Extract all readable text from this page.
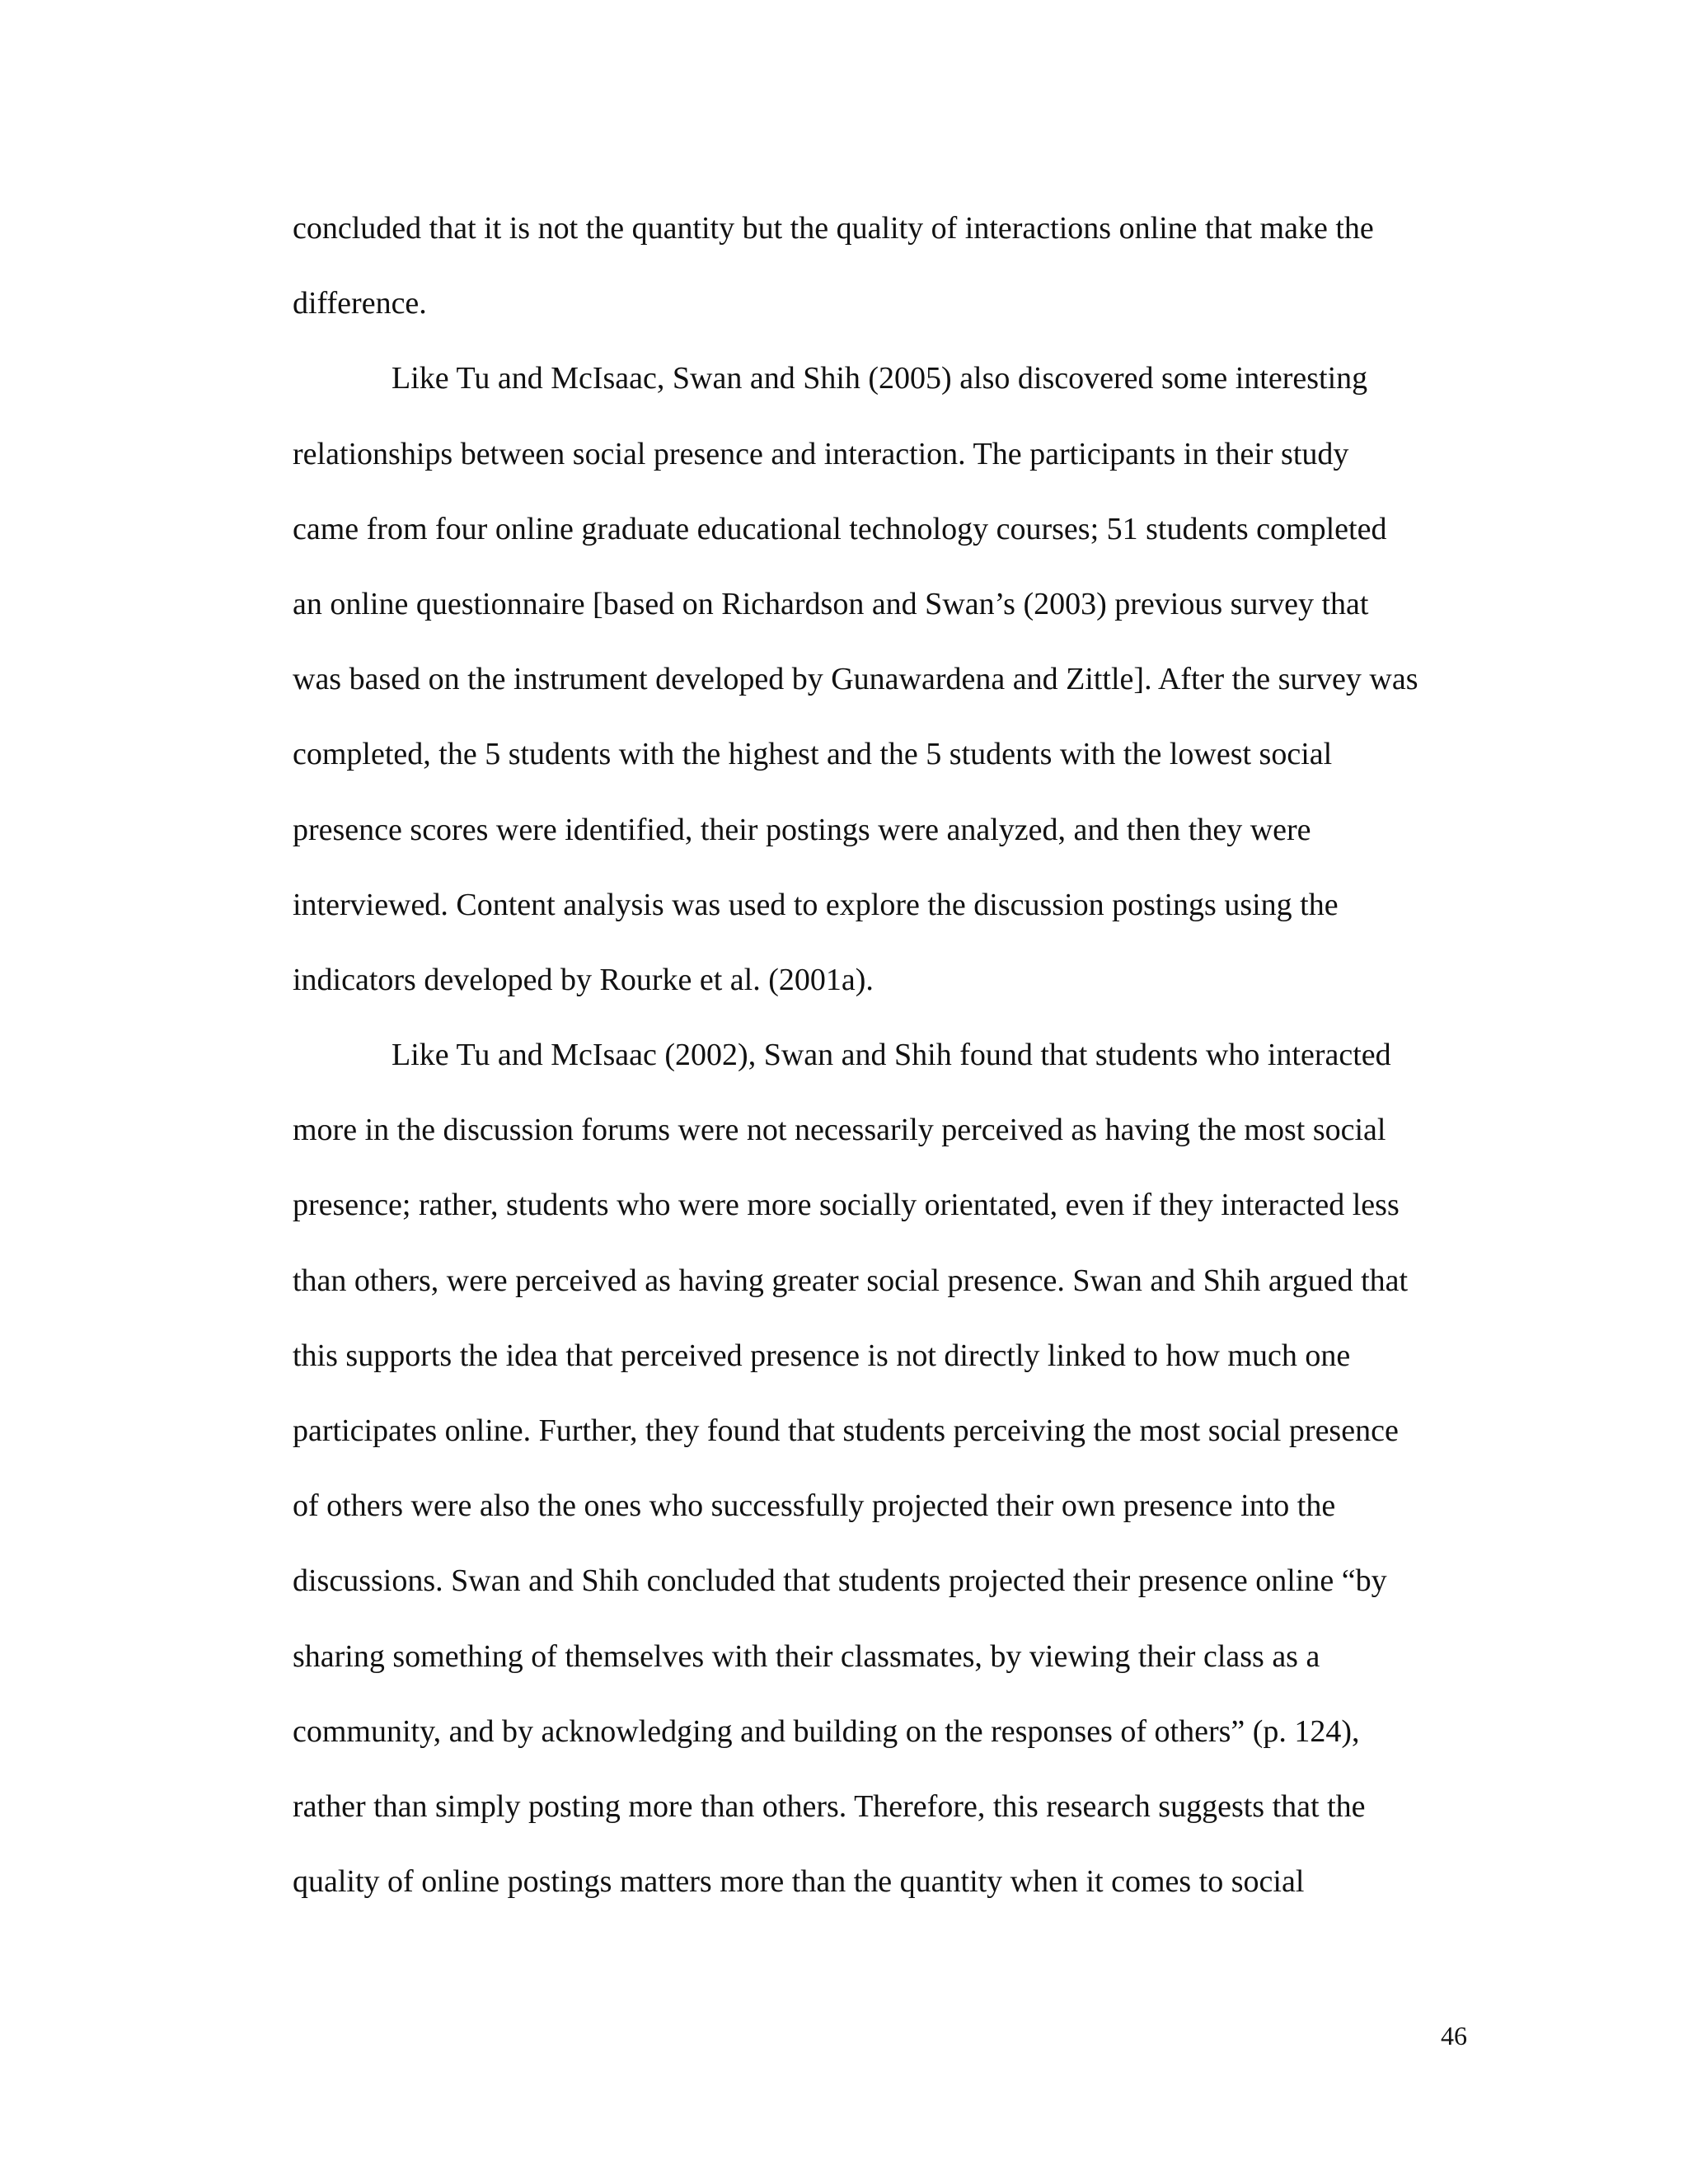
concluded that it is not the quantity but the quality of interactions online that make the
difference.
Like Tu and McIsaac, Swan and Shih (2005) also discovered some interesting
relationships between social presence and interaction. The participants in their study
came from four online graduate educational technology courses; 51 students completed
an online questionnaire [based on Richardson and Swan’s (2003) previous survey that
was based on the instrument developed by Gunawardena and Zittle]. After the survey was
completed, the 5 students with the highest and the 5 students with the lowest social
presence scores were identified, their postings were analyzed, and then they were
interviewed. Content analysis was used to explore the discussion postings using the
indicators developed by Rourke et al. (2001a).
Like Tu and McIsaac (2002), Swan and Shih found that students who interacted
more in the discussion forums were not necessarily perceived as having the most social
presence; rather, students who were more socially orientated, even if they interacted less
than others, were perceived as having greater social presence. Swan and Shih argued that
this supports the idea that perceived presence is not directly linked to how much one
participates online. Further, they found that students perceiving the most social presence
of others were also the ones who successfully projected their own presence into the
discussions. Swan and Shih concluded that students projected their presence online “by
sharing something of themselves with their classmates, by viewing their class as a
community, and by acknowledging and building on the responses of others” (p. 124),
rather than simply posting more than others. Therefore, this research suggests that the
quality of online postings matters more than the quantity when it comes to social
46
